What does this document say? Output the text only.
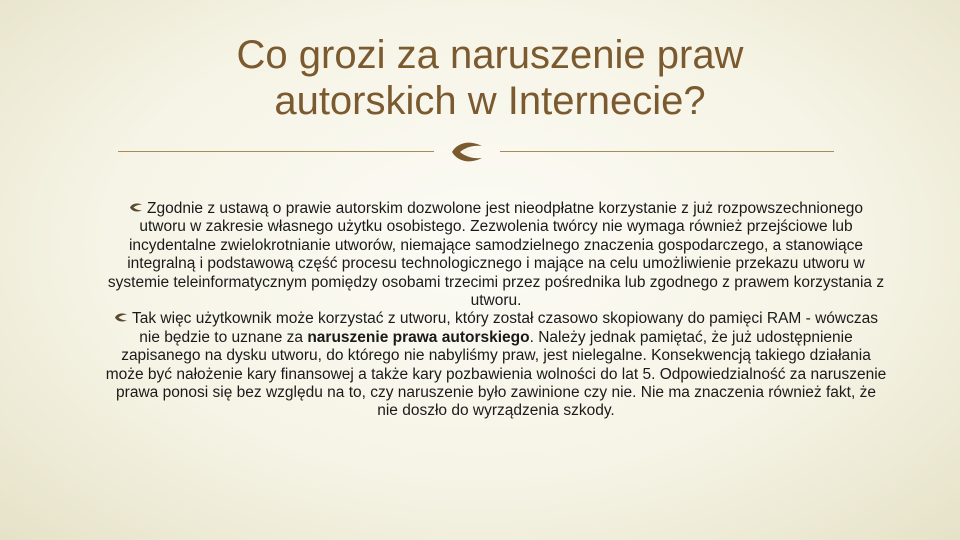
Co grozi za naruszenie praw
autorskich w Internecie?

Zgodnie z ustawą o prawie autorskim dozwolone jest nieodpłatne korzystanie z już rozpowszechnionego utworu w zakresie własnego użytku osobistego. Zezwolenia twórcy nie wymaga również przejściowe lub incydentalne zwielokrotnianie utworów, niemające samodzielnego znaczenia gospodarczego, a stanowiące integralną i podstawową część procesu technologicznego i mające na celu umożliwienie przekazu utworu w systemie teleinformatycznym pomiędzy osobami trzecimi przez pośrednika lub zgodnego z prawem korzystania z utworu.

Tak więc użytkownik może korzystać z utworu, który został czasowo skopiowany do pamięci RAM - wówczas nie będzie to uznane za naruszenie prawa autorskiego. Należy jednak pamiętać, że już udostępnienie zapisanego na dysku utworu, do którego nie nabyliśmy praw, jest nielegalne. Konsekwencją takiego działania może być nałożenie kary finansowej a także kary pozbawienia wolności do lat 5. Odpowiedzialność za naruszenie prawa ponosi się bez względu na to, czy naruszenie było zawinione czy nie. Nie ma znaczenia również fakt, że nie doszło do wyrządzenia szkody.
